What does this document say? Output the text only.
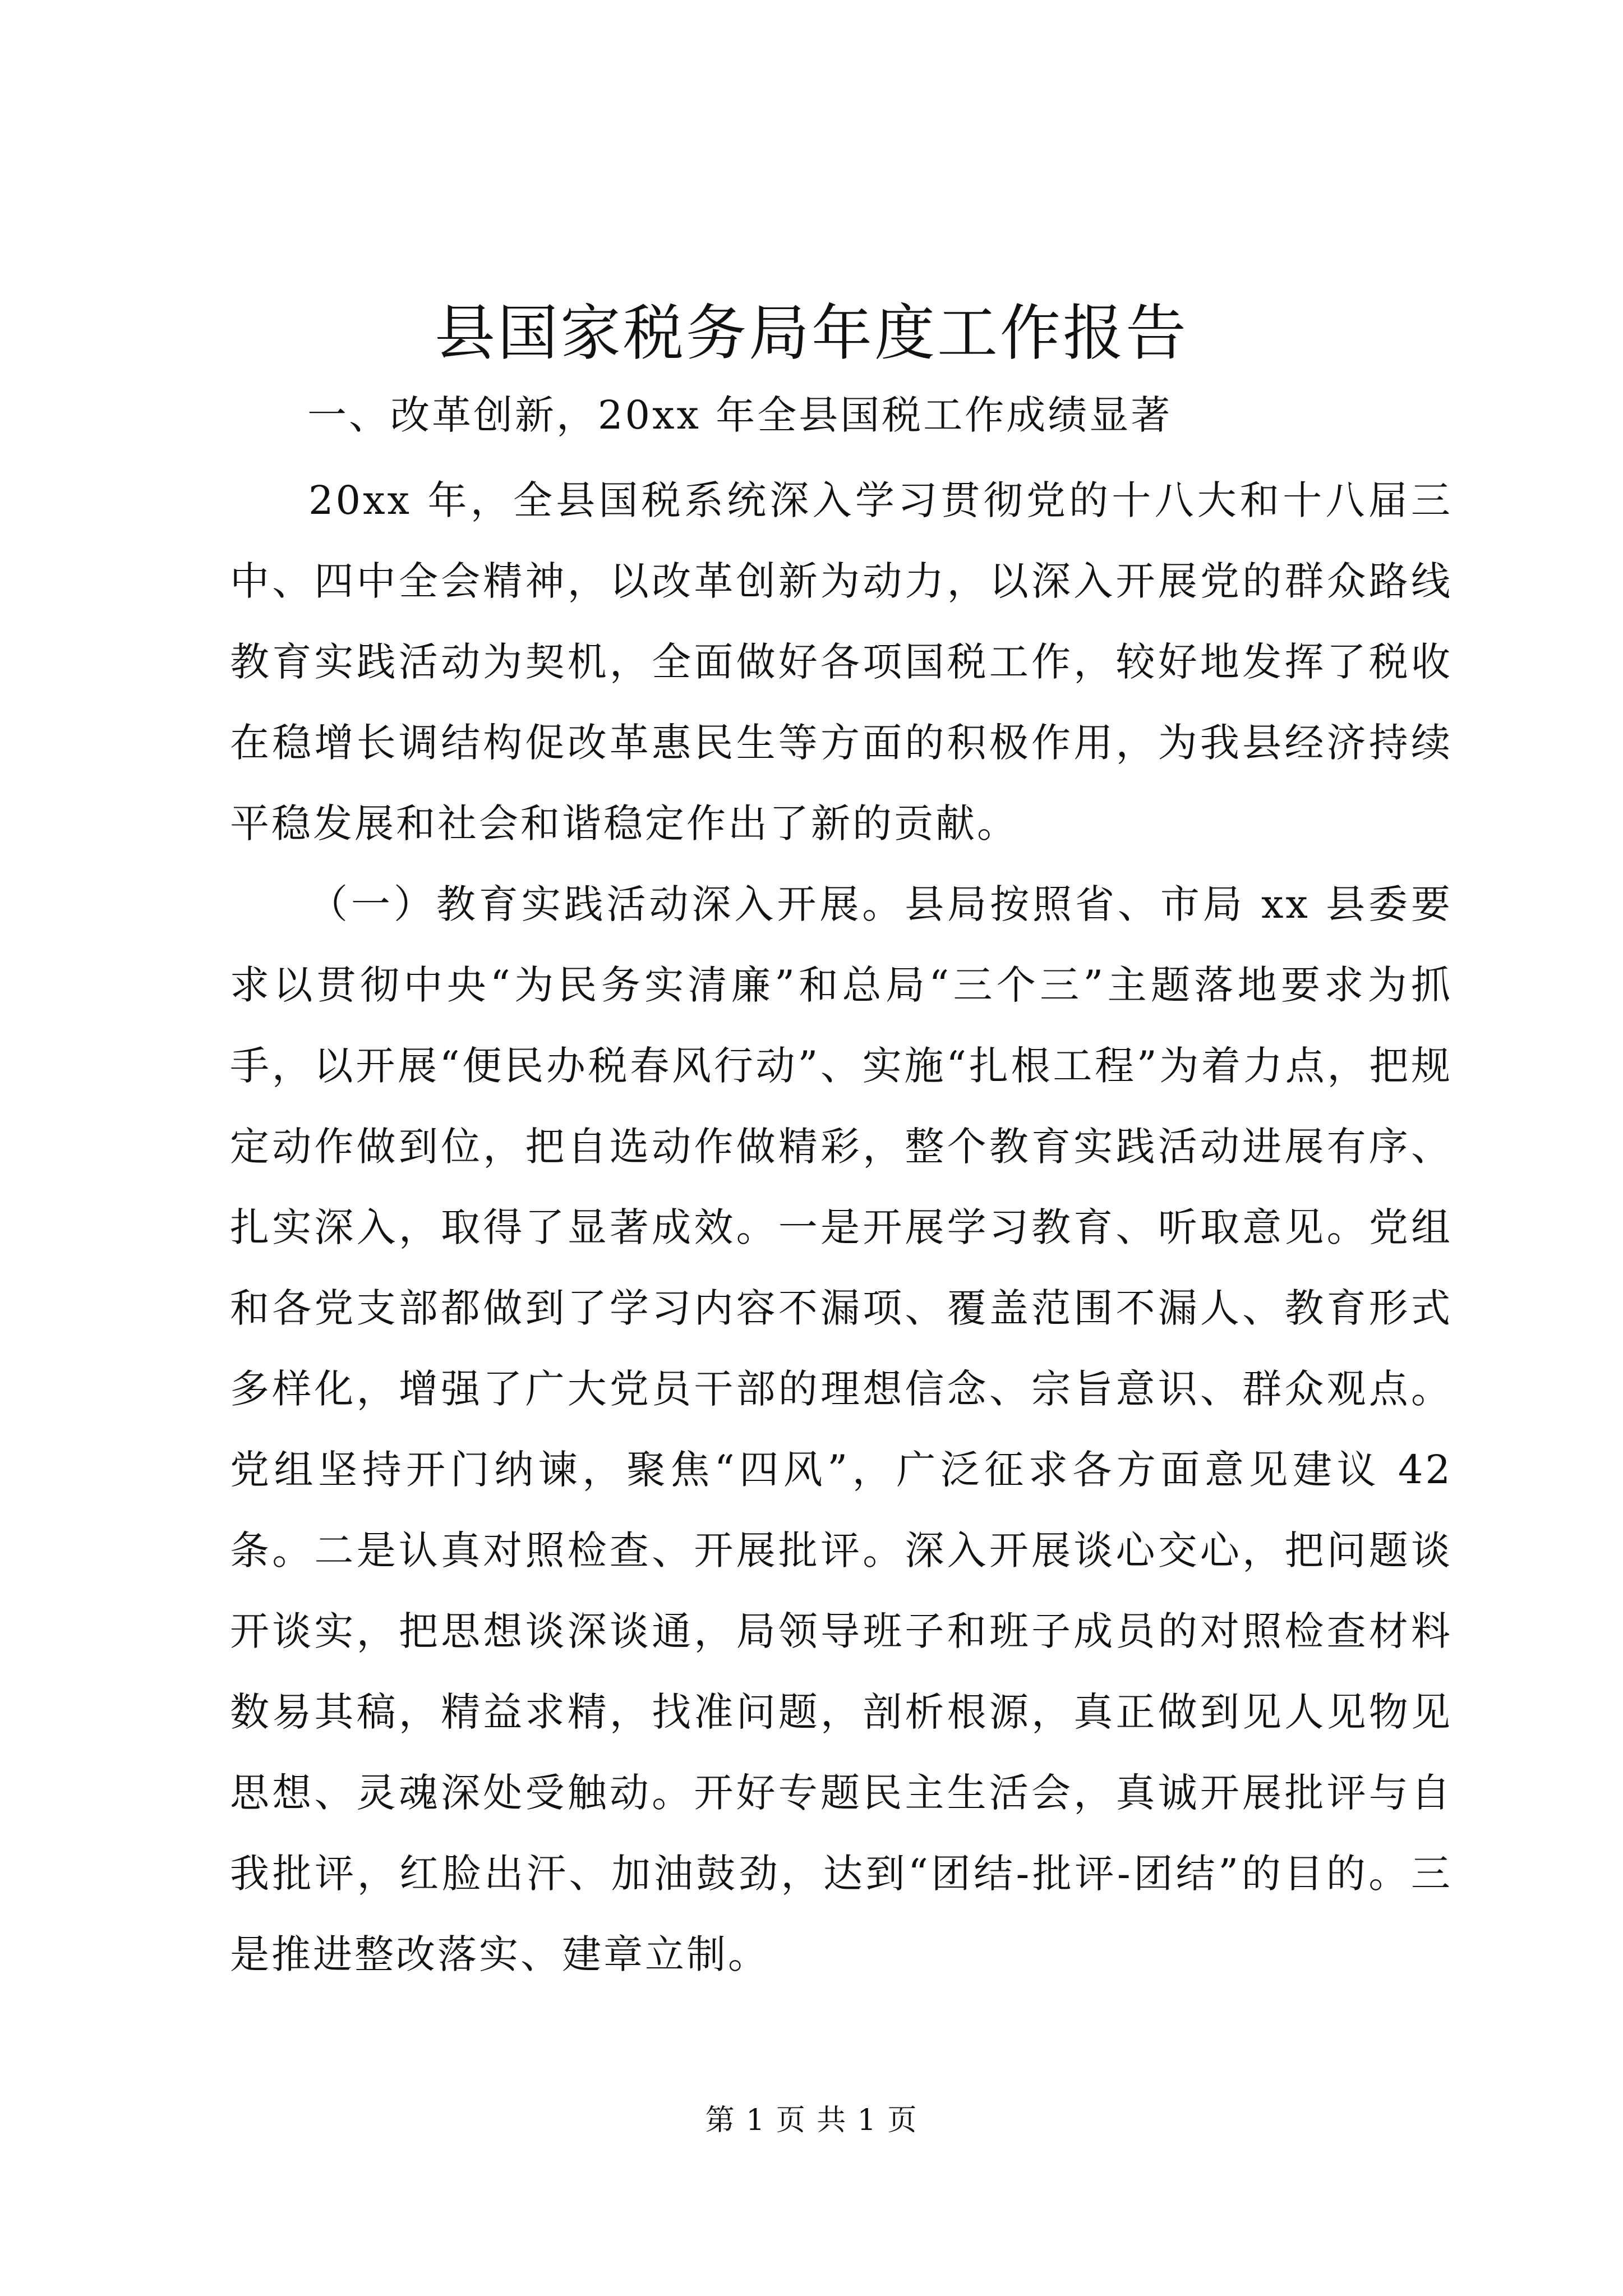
县国家税务局年度工作报告
一、改革创新，20xx 年全县国税工作成绩显著

20xx 年，全县国税系统深入学习贯彻党的十八大和十八届三中、四中全会精神，以改革创新为动力，以深入开展党的群众路线教育实践活动为契机，全面做好各项国税工作，较好地发挥了税收在稳增长调结构促改革惠民生等方面的积极作用，为我县经济持续平稳发展和社会和谐稳定作出了新的贡献。

（一）教育实践活动深入开展。县局按照省、市局 xx 县委要求以贯彻中央“为民务实清廉”和总局“三个三”主题落地要求为抓手，以开展“便民办税春风行动”、实施“扎根工程”为着力点，把规定动作做到位，把自选动作做精彩，整个教育实践活动进展有序、扎实深入，取得了显著成效。一是开展学习教育、听取意见。党组和各党支部都做到了学习内容不漏项、覆盖范围不漏人、教育形式多样化，增强了广大党员干部的理想信念、宗旨意识、群众观点。党组坚持开门纳谏，聚焦“四风”，广泛征求各方面意见建议 42 条。二是认真对照检查、开展批评。深入开展谈心交心，把问题谈开谈实，把思想谈深谈通，局领导班子和班子成员的对照检查材料数易其稿，精益求精，找准问题，剖析根源，真正做到见人见物见思想、灵魂深处受触动。开好专题民主生活会，真诚开展批评与自我批评，红脸出汗、加油鼓劲，达到“团结-批评-团结”的目的。三是推进整改落实、建章立制。

第 1 页 共 1 页
